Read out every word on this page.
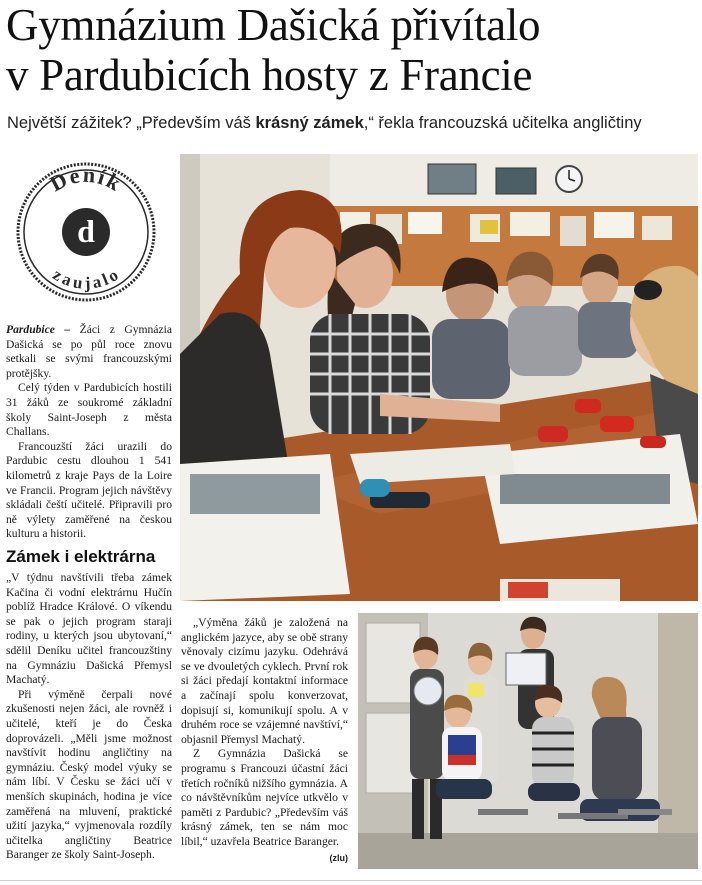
Gymnázium Dašická přivítalo
v Pardubicích hosty z Francie

Největší zážitek? „Především váš krásný zámek,“ řekla francouzská učitelka angličtiny

d
Deník
zaujalo

Pardubice – Žáci z Gymnázia Dašická se po půl roce znovu setkali se svými francouzskými protějšky.

Celý týden v Pardubicích hostili 31 žáků ze soukromé základní školy Saint-Joseph z města Challans.

Francouzští žáci urazili do Pardubic cestu dlouhou 1 541 kilometrů z kraje Pays de la Loire ve Francii. Program jejich návštěvy skládali čeští učitelé. Připravili pro ně výlety zaměřené na českou kulturu a historii.

Zámek i elektrárna

„V týdnu navštívili třeba zámek Kačina či vodní elektrárnu Hučín poblíž Hradce Králové. O víkendu se pak o jejich program staraji rodiny, u kterých jsou ubytovaní,“ sdělil Deníku učitel francouzštiny na Gymnáziu Dašická Přemysl Machatý.

Při výměně čerpali nové zkušenosti nejen žáci, ale rovněž i učitelé, kteří je do Česka doprovázeli. „Měli jsme možnost navštívit hodinu angličtiny na gymnáziu. Český model výuky se nám líbí. V Česku se žáci učí v menších skupinách, hodina je více zaměřená na mluvení, praktické užití jazyka,“ vyjmenovala rozdíly učitelka angličtiny Beatrice Baranger ze školy Saint-Joseph.

„Výměna žáků je založená na anglickém jazyce, aby se obě strany věnovaly cizímu jazyku. Odehrává se ve dvouletých cyklech. První rok si žáci předají kontaktní informace a začínají spolu konverzovat, dopisují si, komunikují spolu. A v druhém roce se vzájemné navštíví,“ objasnil Přemysl Machatý.

Z Gymnázia Dašická se programu s Francouzi účastní žáci třetích ročníků nižšího gymnázia. A co návštěvníkům nejvíce utkvělo v paměti z Pardubic? „Především váš krásný zámek, ten se nám moc líbil,“ uzavřela Beatrice Baranger.
(zlu)
